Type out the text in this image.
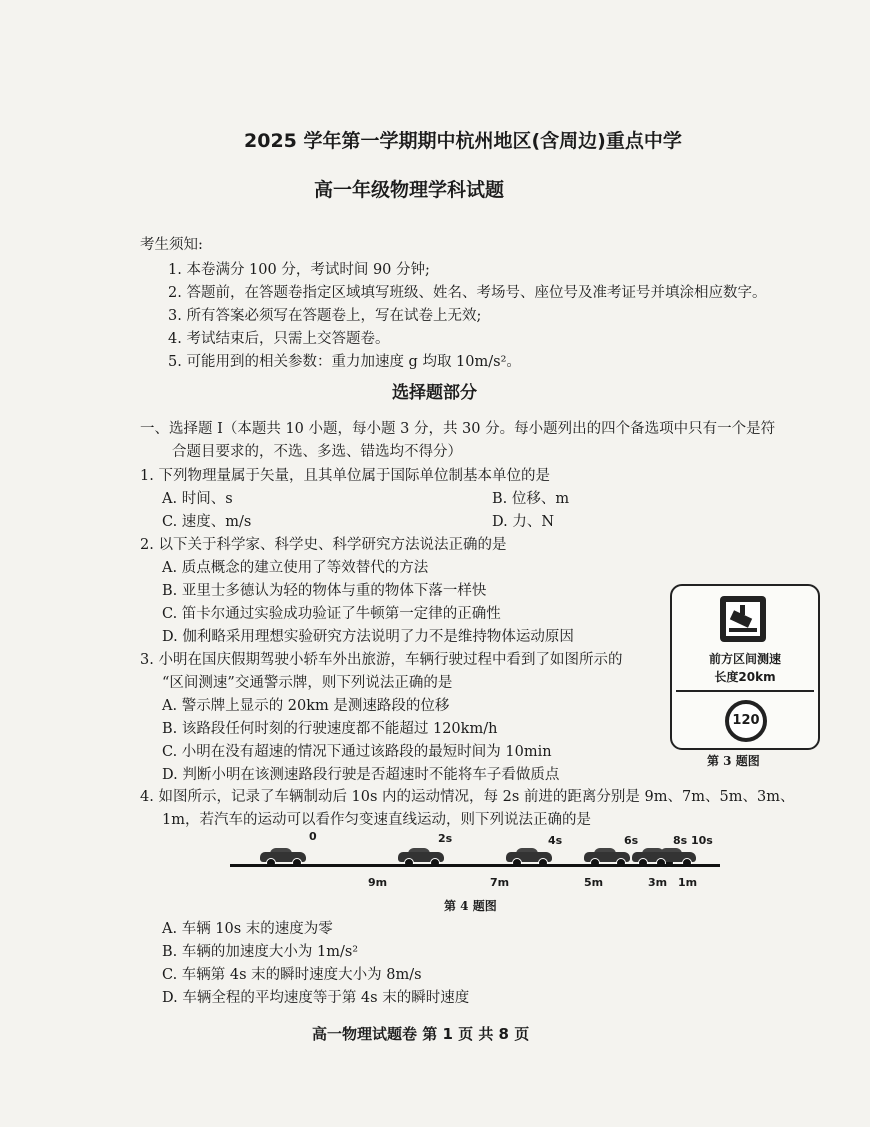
2025 学年第一学期期中杭州地区(含周边)重点中学
高一年级物理学科试题
考生须知:
1. 本卷满分 100 分，考试时间 90 分钟;
2. 答题前，在答题卷指定区域填写班级、姓名、考场号、座位号及准考证号并填涂相应数字。
3. 所有答案必须写在答题卷上，写在试卷上无效;
4. 考试结束后，只需上交答题卷。
5. 可能用到的相关参数：重力加速度 g 均取 10m/s²。
选择题部分
一、选择题 I（本题共 10 小题，每小题 3 分，共 30 分。每小题列出的四个备选项中只有一个是符
合题目要求的，不选、多选、错选均不得分）
1. 下列物理量属于矢量，且其单位属于国际单位制基本单位的是
A. 时间、s	B. 位移、m
C. 速度、m/s	D. 力、N
2. 以下关于科学家、科学史、科学研究方法说法正确的是
A. 质点概念的建立使用了等效替代的方法
B. 亚里士多德认为轻的物体与重的物体下落一样快
C. 笛卡尔通过实验成功验证了牛顿第一定律的正确性
D. 伽利略采用理想实验研究方法说明了力不是维持物体运动原因
3. 小明在国庆假期驾驶小轿车外出旅游，车辆行驶过程中看到了如图所示的
“区间测速”交通警示牌，则下列说法正确的是
A. 警示牌上显示的 20km 是测速路段的位移
B. 该路段任何时刻的行驶速度都不能超过 120km/h
C. 小明在没有超速的情况下通过该路段的最短时间为 10min
D. 判断小明在该测速路段行驶是否超速时不能将车子看做质点
前方区间测速
长度20km
120
第 3 题图
4. 如图所示，记录了车辆制动后 10s 内的运动情况，每 2s 前进的距离分别是 9m、7m、5m、3m、
1m，若汽车的运动可以看作匀变速直线运动，则下列说法正确的是
0	2s	4s	6s	8s 10s
9m	7m	5m	3m 1m
第 4 题图
A. 车辆 10s 末的速度为零
B. 车辆的加速度大小为 1m/s²
C. 车辆第 4s 末的瞬时速度大小为 8m/s
D. 车辆全程的平均速度等于第 4s 末的瞬时速度
高一物理试题卷 第 1 页 共 8 页
